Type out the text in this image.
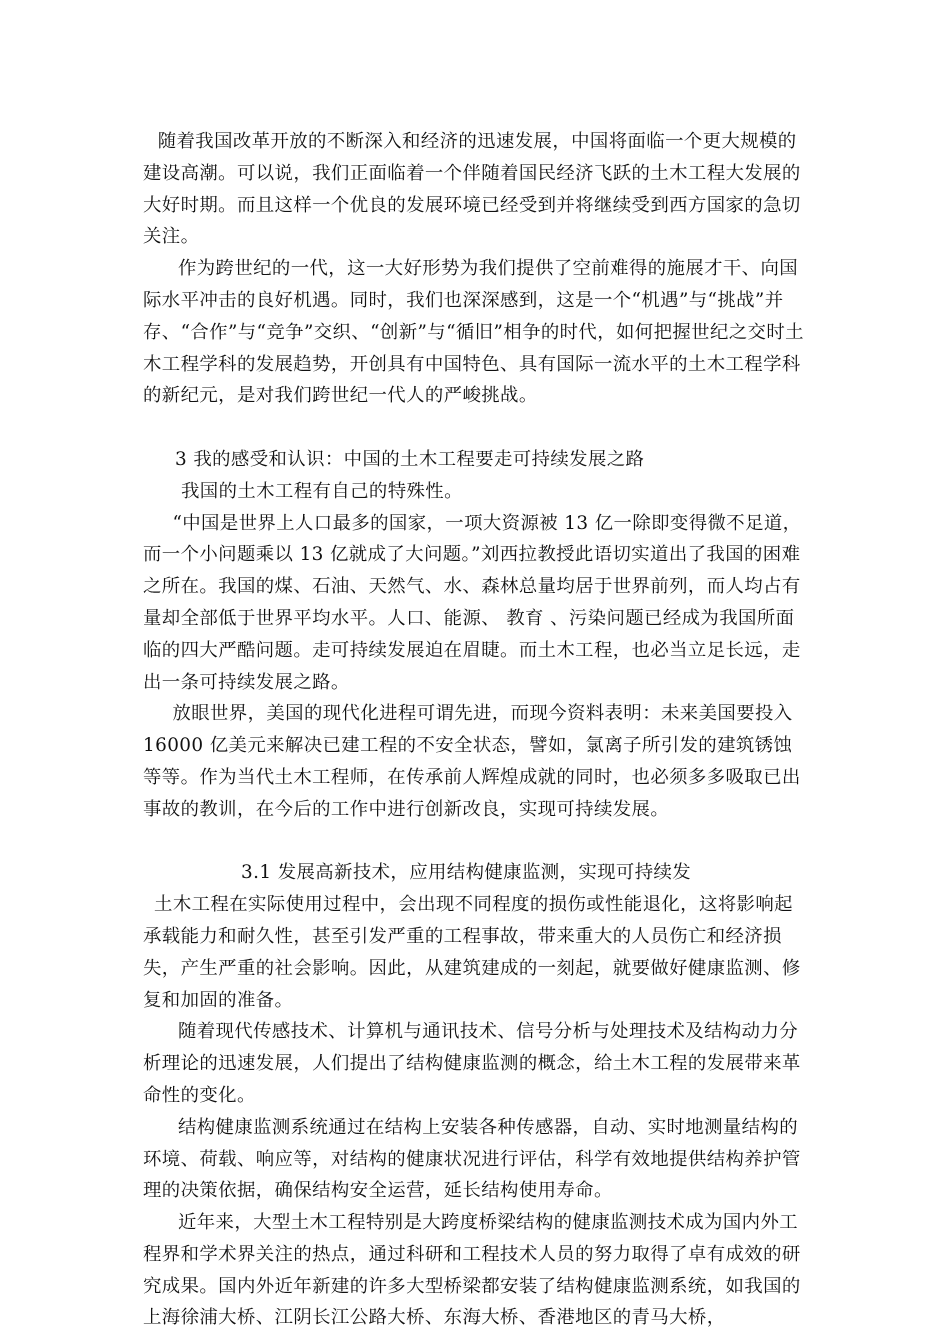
随着我国改革开放的不断深入和经济的迅速发展，中国将面临一个更大规模的建设高潮。可以说，我们正面临着一个伴随着国民经济飞跃的土木工程大发展的大好时期。而且这样一个优良的发展环境已经受到并将继续受到西方国家的急切关注。

作为跨世纪的一代，这一大好形势为我们提供了空前难得的施展才干、向国际水平冲击的良好机遇。同时，我们也深深感到，这是一个“机遇”与“挑战”并存、“合作”与“竞争”交织、“创新”与“循旧”相争的时代，如何把握世纪之交时土木工程学科的发展趋势，开创具有中国特色、具有国际一流水平的土木工程学科的新纪元，是对我们跨世纪一代人的严峻挑战。

3 我的感受和认识：中国的土木工程要走可持续发展之路

我国的土木工程有自己的特殊性。

“中国是世界上人口最多的国家，一项大资源被 13 亿一除即变得微不足道，而一个小问题乘以 13 亿就成了大问题。”刘西拉教授此语切实道出了我国的困难之所在。我国的煤、石油、天然气、水、森林总量均居于世界前列，而人均占有量却全部低于世界平均水平。人口、能源、 教育 、污染问题已经成为我国所面临的四大严酷问题。走可持续发展迫在眉睫。而土木工程，也必当立足长远，走出一条可持续发展之路。

放眼世界，美国的现代化进程可谓先进，而现今资料表明：未来美国要投入 16000 亿美元来解决已建工程的不安全状态，譬如，氯离子所引发的建筑锈蚀等等。作为当代土木工程师，在传承前人辉煌成就的同时，也必须多多吸取已出事故的教训，在今后的工作中进行创新改良，实现可持续发展。

3.1 发展高新技术，应用结构健康监测，实现可持续发

土木工程在实际使用过程中，会出现不同程度的损伤或性能退化，这将影响起承载能力和耐久性，甚至引发严重的工程事故，带来重大的人员伤亡和经济损失，产生严重的社会影响。因此，从建筑建成的一刻起，就要做好健康监测、修复和加固的准备。

随着现代传感技术、计算机与通讯技术、信号分析与处理技术及结构动力分析理论的迅速发展，人们提出了结构健康监测的概念，给土木工程的发展带来革命性的变化。

结构健康监测系统通过在结构上安装各种传感器，自动、实时地测量结构的环境、荷载、响应等，对结构的健康状况进行评估，科学有效地提供结构养护管理的决策依据，确保结构安全运营，延长结构使用寿命。

近年来，大型土木工程特别是大跨度桥梁结构的健康监测技术成为国内外工程界和学术界关注的热点，通过科研和工程技术人员的努力取得了卓有成效的研究成果。国内外近年新建的许多大型桥梁都安装了结构健康监测系统，如我国的上海徐浦大桥、江阴长江公路大桥、东海大桥、香港地区的青马大桥，
